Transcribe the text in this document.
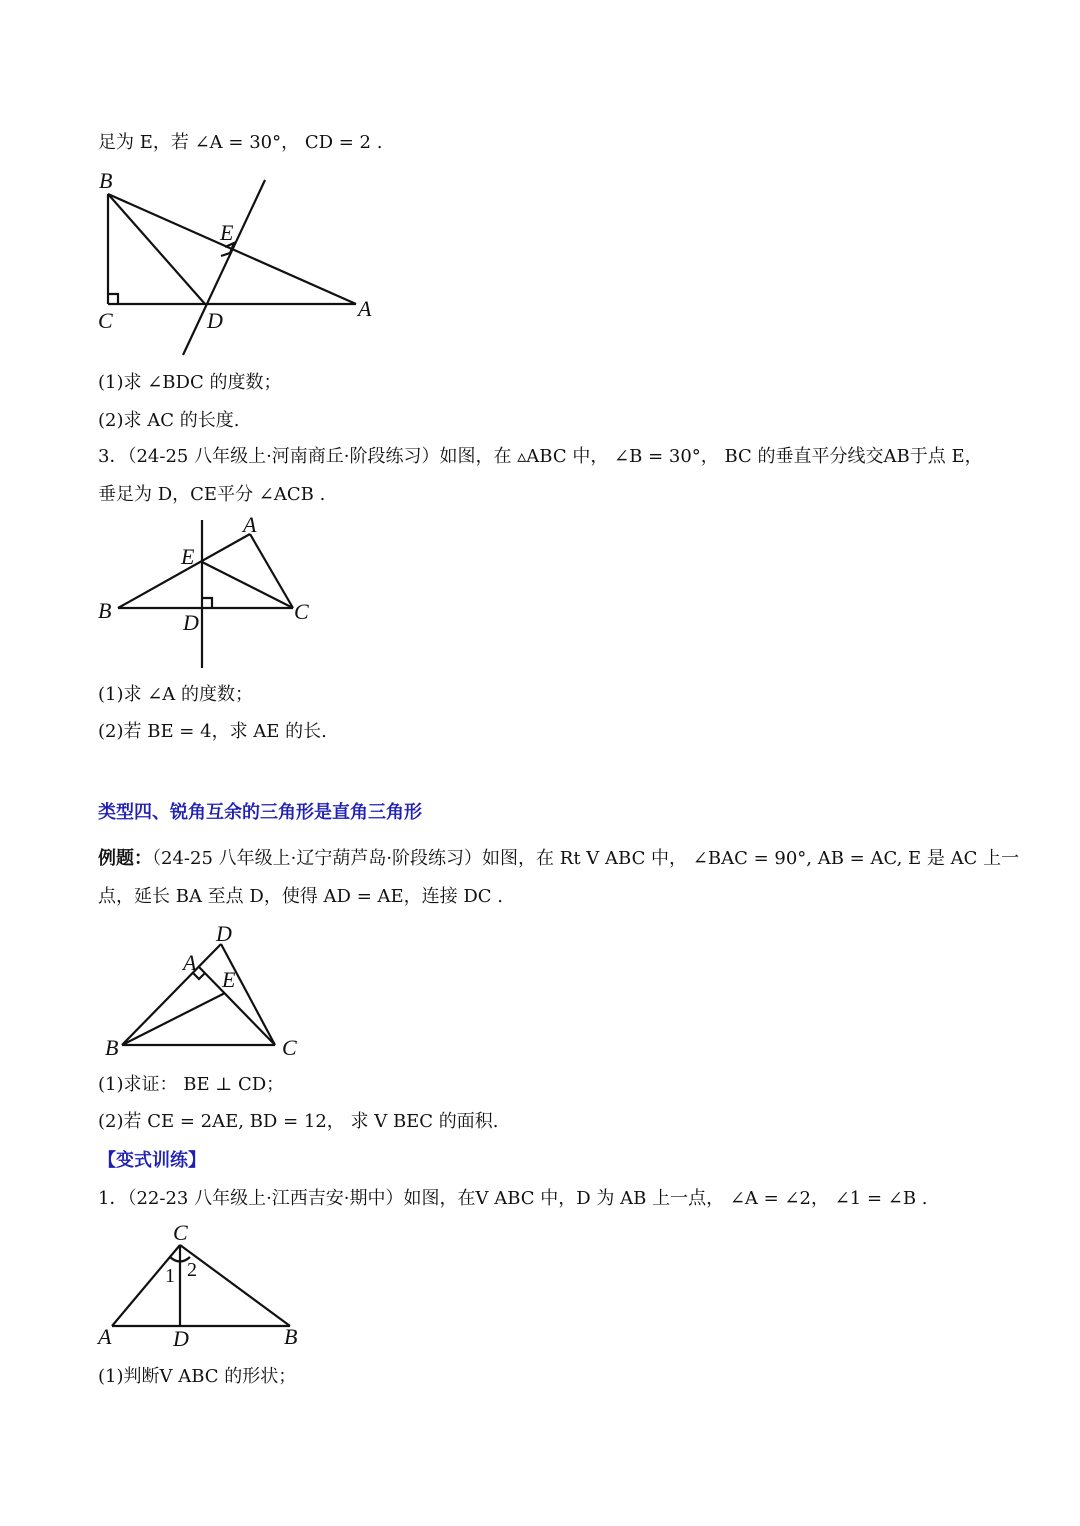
足为 E，若 ∠A = 30°， CD = 2 .

B
E
C	D	A

(1)求 ∠BDC 的度数；

(2)求 AC 的长度.

3．（24-25 八年级上·河南商丘·阶段练习）如图，在 ▵ABC 中， ∠B = 30°， BC 的垂直平分线交AB于点 E，

垂足为 D，CE平分 ∠ACB .

A
E
B	D	C

(1)求 ∠A 的度数；

(2)若 BE = 4，求 AE 的长.

类型四、锐角互余的三角形是直角三角形

例题：（24-25 八年级上·辽宁葫芦岛·阶段练习）如图，在 Rt V ABC 中， ∠BAC = 90°, AB = AC, E 是 AC 上一

点，延长 BA 至点 D，使得 AD = AE，连接 DC .

D
A
E
B	C

(1)求证： BE ⊥ CD；

(2)若 CE = 2AE, BD = 12， 求 V BEC 的面积.

【变式训练】

1．（22-23 八年级上·江西吉安·期中）如图，在V ABC 中，D 为 AB 上一点， ∠A = ∠2， ∠1 = ∠B .

C
1 2
A	D	B

(1)判断V ABC 的形状；
